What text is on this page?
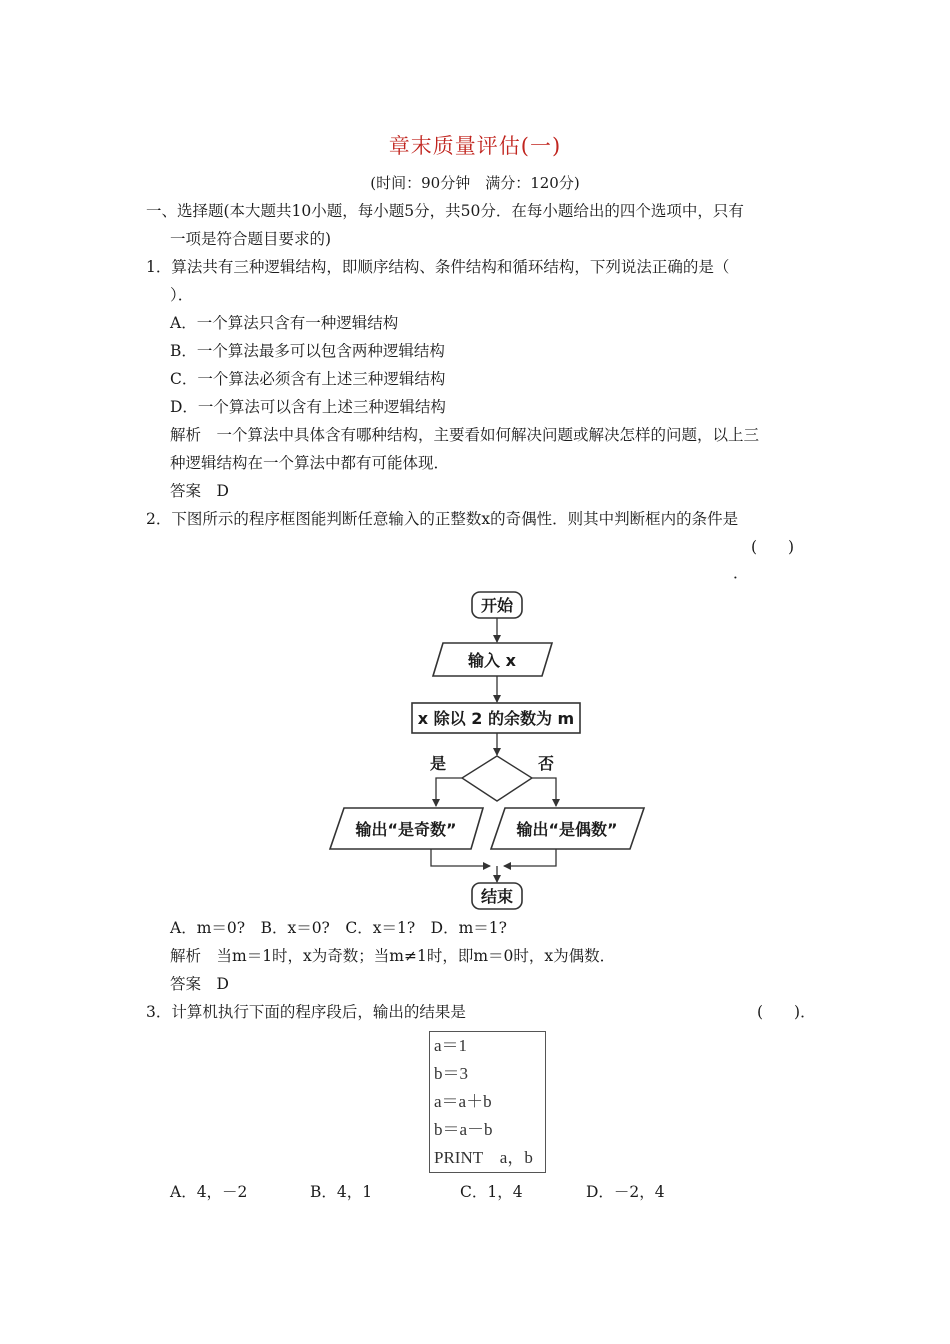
章末质量评估(一)
(时间：90分钟　满分：120分)
一、选择题(本大题共10小题，每小题5分，共50分．在每小题给出的四个选项中，只有
一项是符合题目要求的)
1．算法共有三种逻辑结构，即顺序结构、条件结构和循环结构，下列说法正确的是（
）．
A．一个算法只含有一种逻辑结构
B．一个算法最多可以包含两种逻辑结构
C．一个算法必须含有上述三种逻辑结构
D．一个算法可以含有上述三种逻辑结构
解析　一个算法中具体含有哪种结构，主要看如何解决问题或解决怎样的问题，以上三
种逻辑结构在一个算法中都有可能体现．
答案　D
2．下图所示的程序框图能判断任意输入的正整数x的奇偶性．则其中判断框内的条件是
(　　)
．
开始
输入 x
x 除以 2 的余数为 m
是	否
输出“是奇数”	输出“是偶数”
结束
A．m＝0?　B．x＝0?　C．x＝1?　D．m＝1?
解析　当m＝1时，x为奇数；当m≠1时，即m＝0时，x为偶数．
答案　D
3．计算机执行下面的程序段后，输出的结果是	(　　)．
a＝1
b＝3
a＝a＋b
b＝a－b
PRINT　a，b
A．4，－2	B．4，1	C．1，4	D．－2，4
